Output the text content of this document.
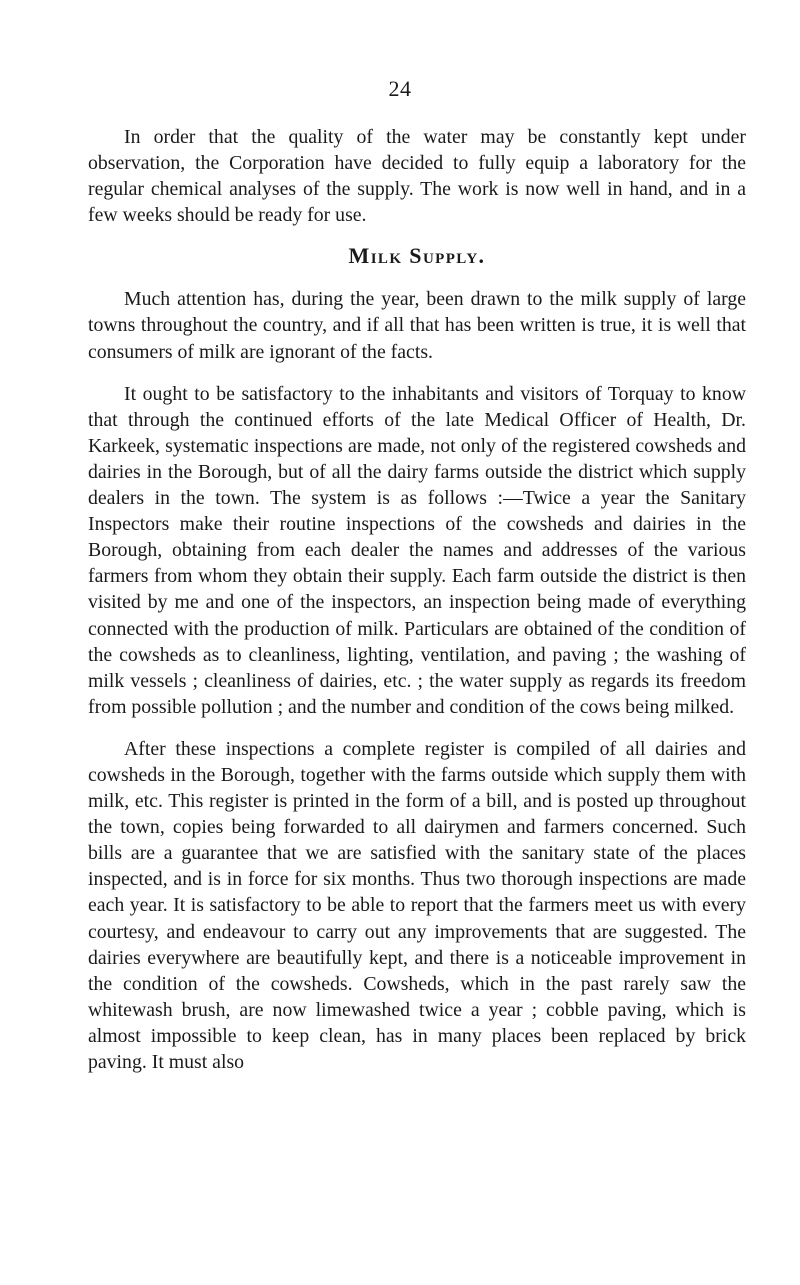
24

In order that the quality of the water may be constantly kept under observation, the Corporation have decided to fully equip a laboratory for the regular chemical analyses of the supply. The work is now well in hand, and in a few weeks should be ready for use.

Milk Supply.

Much attention has, during the year, been drawn to the milk supply of large towns throughout the country, and if all that has been written is true, it is well that consumers of milk are ignorant of the facts.

It ought to be satisfactory to the inhabitants and visitors of Torquay to know that through the continued efforts of the late Medical Officer of Health, Dr. Karkeek, systematic inspections are made, not only of the registered cowsheds and dairies in the Borough, but of all the dairy farms outside the district which supply dealers in the town. The system is as follows :—Twice a year the Sanitary Inspectors make their routine inspections of the cowsheds and dairies in the Borough, obtaining from each dealer the names and addresses of the various farmers from whom they obtain their supply. Each farm outside the district is then visited by me and one of the inspectors, an inspection being made of everything connected with the production of milk. Particulars are obtained of the condition of the cowsheds as to cleanliness, lighting, ventilation, and paving ; the washing of milk vessels ; cleanliness of dairies, etc. ; the water supply as regards its freedom from possible pollution ; and the number and condition of the cows being milked.

After these inspections a complete register is compiled of all dairies and cowsheds in the Borough, together with the farms outside which supply them with milk, etc. This register is printed in the form of a bill, and is posted up throughout the town, copies being forwarded to all dairymen and farmers concerned. Such bills are a guarantee that we are satisfied with the sanitary state of the places inspected, and is in force for six months. Thus two thorough inspections are made each year. It is satisfactory to be able to report that the farmers meet us with every courtesy, and endeavour to carry out any improvements that are suggested. The dairies everywhere are beautifully kept, and there is a noticeable improvement in the condition of the cowsheds. Cowsheds, which in the past rarely saw the whitewash brush, are now limewashed twice a year ; cobble paving, which is almost impossible to keep clean, has in many places been replaced by brick paving. It must also
